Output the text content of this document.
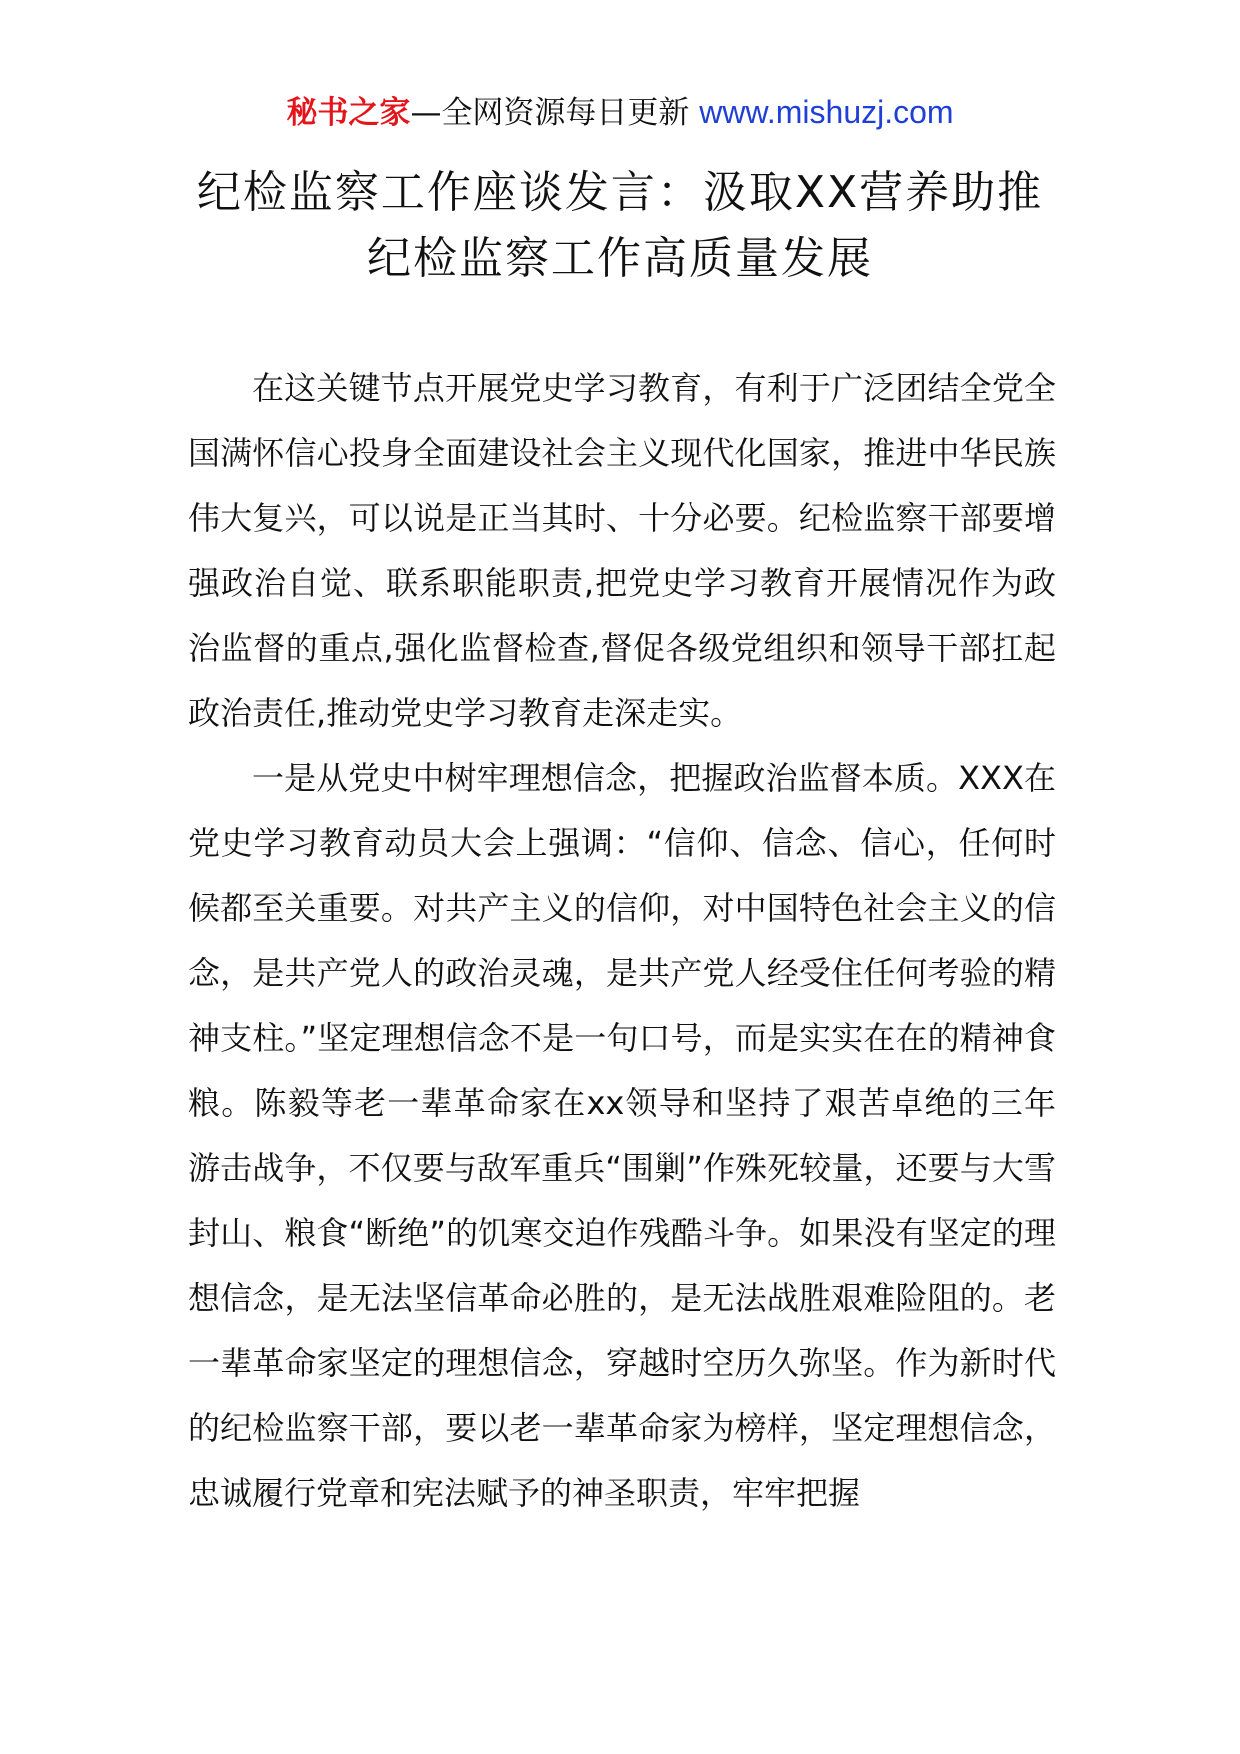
秘书之家—全网资源每日更新 www.mishuzj.com
纪检监察工作座谈发言：汲取XX营养助推
纪检监察工作高质量发展

在这关键节点开展党史学习教育，有利于广泛团结全党全国满怀信心投身全面建设社会主义现代化国家，推进中华民族伟大复兴，可以说是正当其时、十分必要。纪检监察干部要增强政治自觉、联系职能职责,把党史学习教育开展情况作为政治监督的重点,强化监督检查,督促各级党组织和领导干部扛起政治责任,推动党史学习教育走深走实。

一是从党史中树牢理想信念，把握政治监督本质。XXX在党史学习教育动员大会上强调：“信仰、信念、信心，任何时候都至关重要。对共产主义的信仰，对中国特色社会主义的信念，是共产党人的政治灵魂，是共产党人经受住任何考验的精神支柱。”坚定理想信念不是一句口号，而是实实在在的精神食粮。陈毅等老一辈革命家在xx领导和坚持了艰苦卓绝的三年游击战争，不仅要与敌军重兵“围剿”作殊死较量，还要与大雪封山、粮食“断绝”的饥寒交迫作残酷斗争。如果没有坚定的理想信念，是无法坚信革命必胜的，是无法战胜艰难险阻的。老一辈革命家坚定的理想信念，穿越时空历久弥坚。作为新时代的纪检监察干部，要以老一辈革命家为榜样，坚定理想信念，忠诚履行党章和宪法赋予的神圣职责，牢牢把握
